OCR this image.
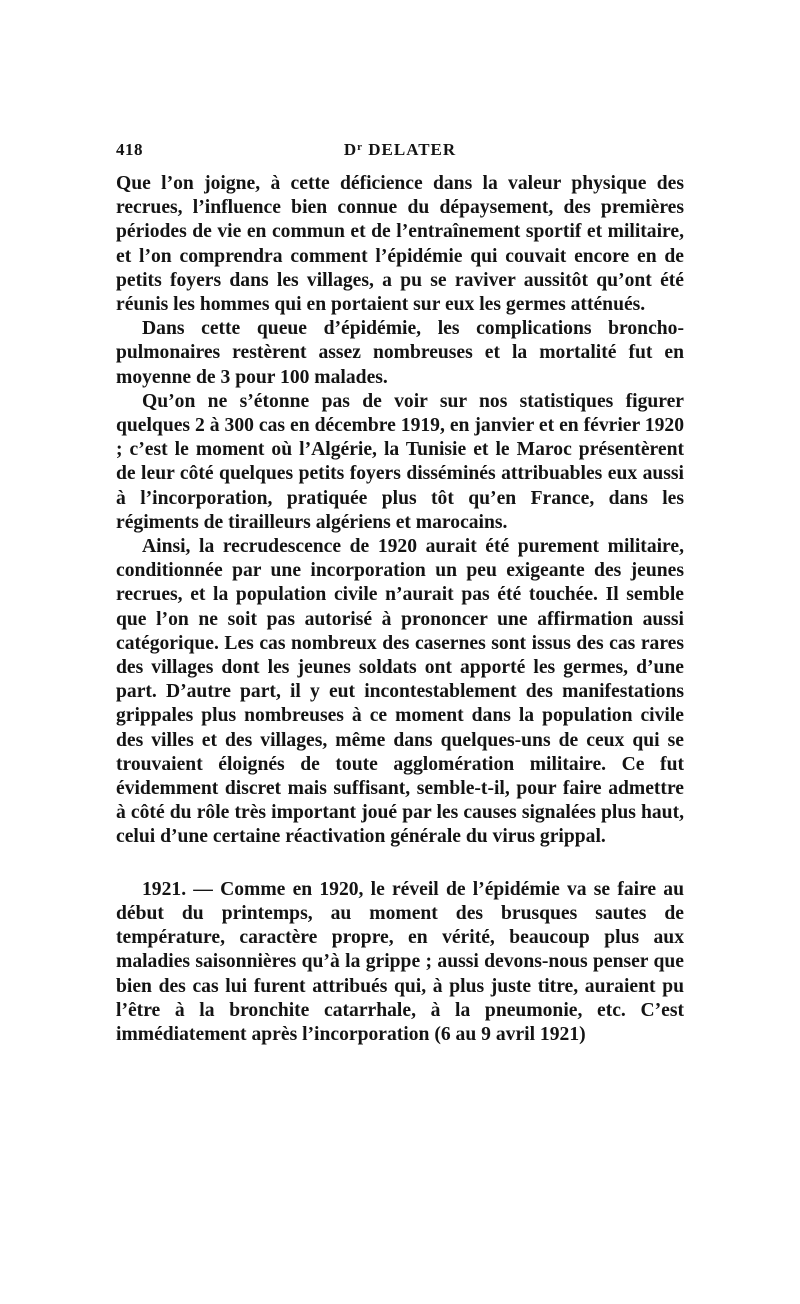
418	$D^r$ DELATER

Que l’on joigne, à cette déficience dans la valeur physique des recrues, l’influence bien connue du dépaysement, des premières périodes de vie en commun et de l’entraînement sportif et militaire, et l’on comprendra comment l’épidémie qui couvait encore en de petits foyers dans les villages, a pu se raviver aussitôt qu’ont été réunis les hommes qui en portaient sur eux les germes atténués.

Dans cette queue d’épidémie, les complications broncho-pulmonaires restèrent assez nombreuses et la mortalité fut en moyenne de 3 pour 100 malades.

Qu’on ne s’étonne pas de voir sur nos statistiques figurer quelques 2 à 300 cas en décembre 1919, en janvier et en février 1920 ; c’est le moment où l’Algérie, la Tunisie et le Maroc présentèrent de leur côté quelques petits foyers disséminés attribuables eux aussi à l’incorporation, pratiquée plus tôt qu’en France, dans les régiments de tirailleurs algériens et marocains.

Ainsi, la recrudescence de 1920 aurait été purement militaire, conditionnée par une incorporation un peu exigeante des jeunes recrues, et la population civile n’aurait pas été touchée. Il semble que l’on ne soit pas autorisé à prononcer une affirmation aussi catégorique. Les cas nombreux des casernes sont issus des cas rares des villages dont les jeunes soldats ont apporté les germes, d’une part. D’autre part, il y eut incontestablement des manifestations grippales plus nombreuses à ce moment dans la population civile des villes et des villages, même dans quelques-uns de ceux qui se trouvaient éloignés de toute agglomération militaire. Ce fut évidemment discret mais suffisant, semble-t-il, pour faire admettre à côté du rôle très important joué par les causes signalées plus haut, celui d’une certaine réactivation générale du virus grippal.

1921. — Comme en 1920, le réveil de l’épidémie va se faire au début du printemps, au moment des brusques sautes de température, caractère propre, en vérité, beaucoup plus aux maladies saisonnières qu’à la grippe ; aussi devons-nous penser que bien des cas lui furent attribués qui, à plus juste titre, auraient pu l’être à la bronchite catarrhale, à la pneumonie, etc. C’est immédiatement après l’incorporation (6 au 9 avril 1921)
